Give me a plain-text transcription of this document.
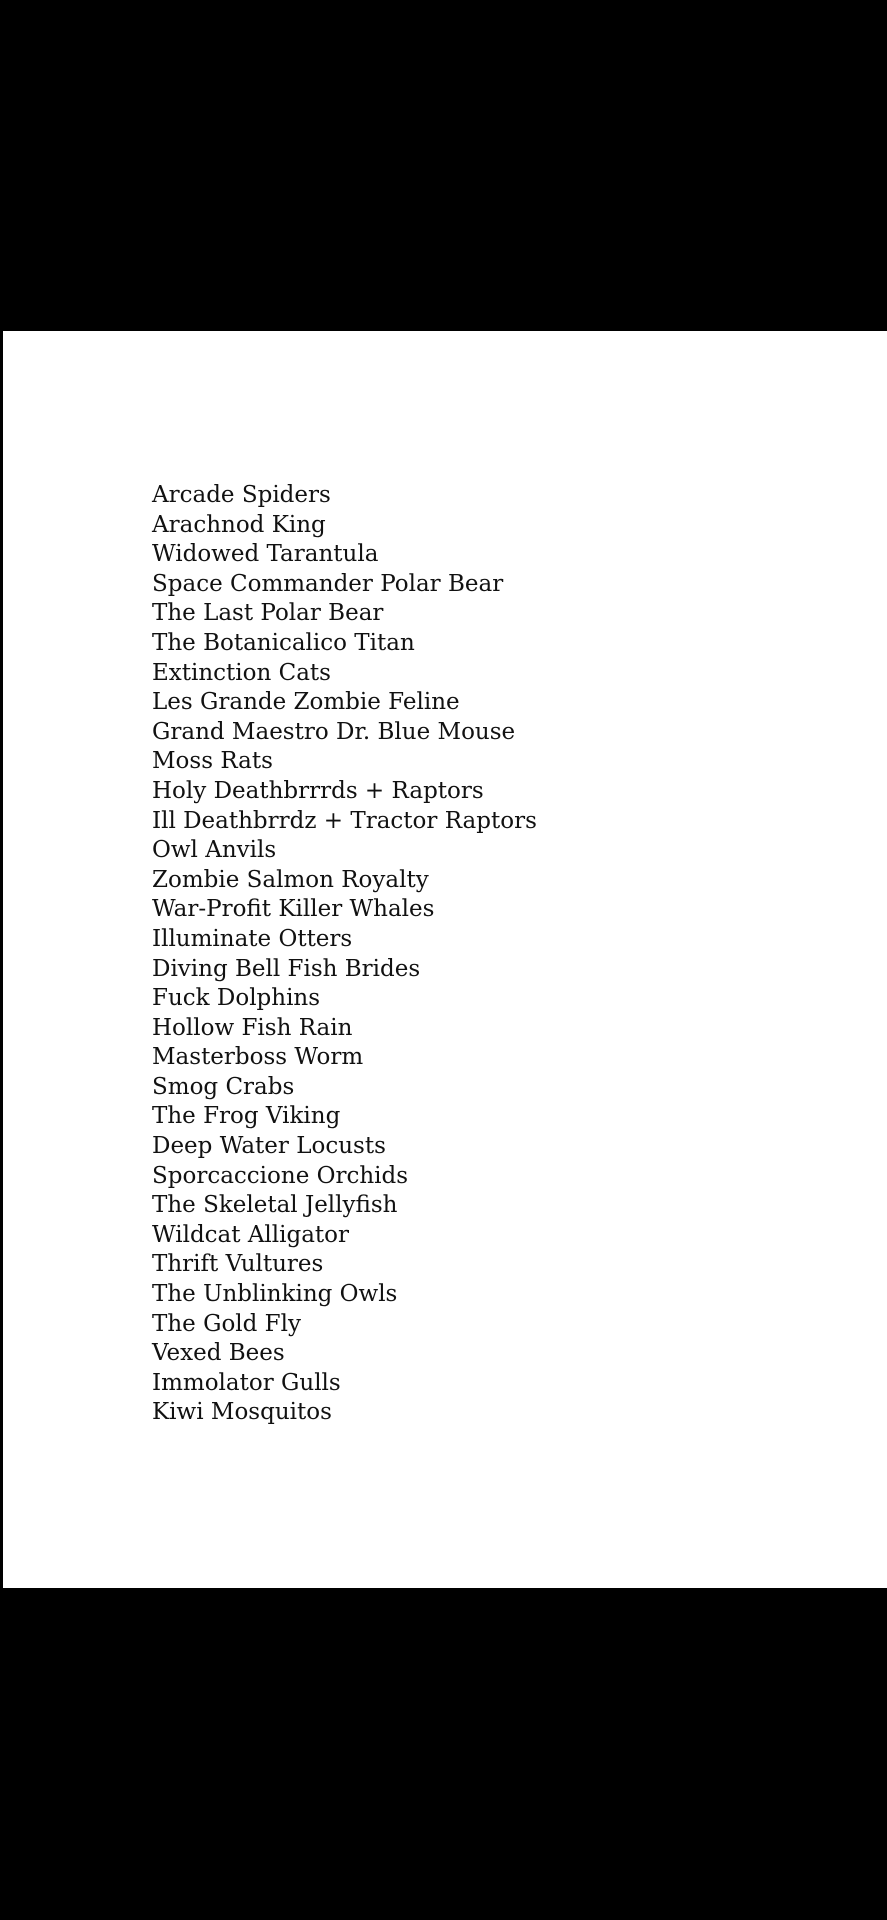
Arcade Spiders
Arachnod King
Widowed Tarantula
Space Commander Polar Bear
The Last Polar Bear
The Botanicalico Titan
Extinction Cats
Les Grande Zombie Feline
Grand Maestro Dr. Blue Mouse
Moss Rats
Holy Deathbrrrds + Raptors
Ill Deathbrrdz + Tractor Raptors
Owl Anvils
Zombie Salmon Royalty
War-Profit Killer Whales
Illuminate Otters
Diving Bell Fish Brides
Fuck Dolphins
Hollow Fish Rain
Masterboss Worm
Smog Crabs
The Frog Viking
Deep Water Locusts
Sporcaccione Orchids
The Skeletal Jellyfish
Wildcat Alligator
Thrift Vultures
The Unblinking Owls
The Gold Fly
Vexed Bees
Immolator Gulls
Kiwi Mosquitos
